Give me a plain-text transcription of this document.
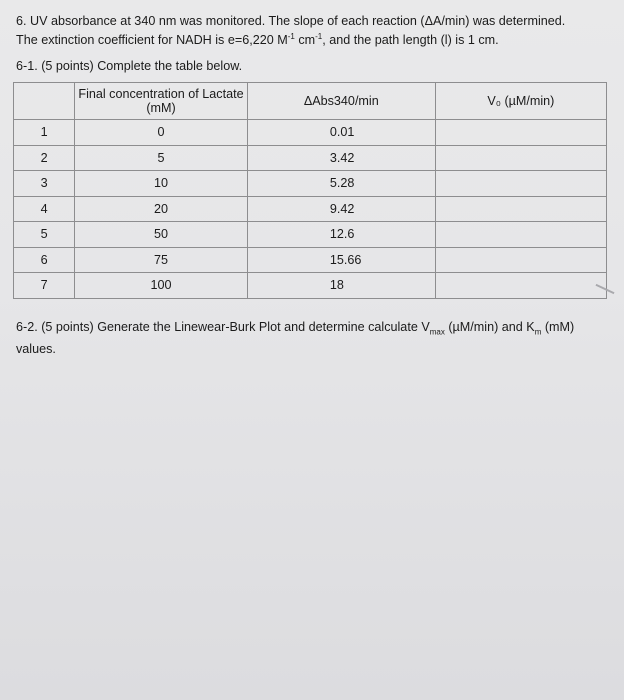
6. UV absorbance at 340 nm was monitored. The slope of each reaction (ΔA/min) was determined.
The extinction coefficient for NADH is e=6,220 $M^{-1}$ $cm^{-1}$, and the path length (l) is 1 cm.
6-1. (5 points) Complete the table below.
	Final concentration of Lactate (mM)	ΔAbs340/min	V₀ (µM/min)
1	0	0.01	
2	5	3.42	
3	10	5.28	
4	20	9.42	
5	50	12.6	
6	75	15.66	
7	100	18	
6-2. (5 points) Generate the Linewear-Burk Plot and determine calculate $V_{max}$ (µM/min) and $K_m$ (mM) values.
